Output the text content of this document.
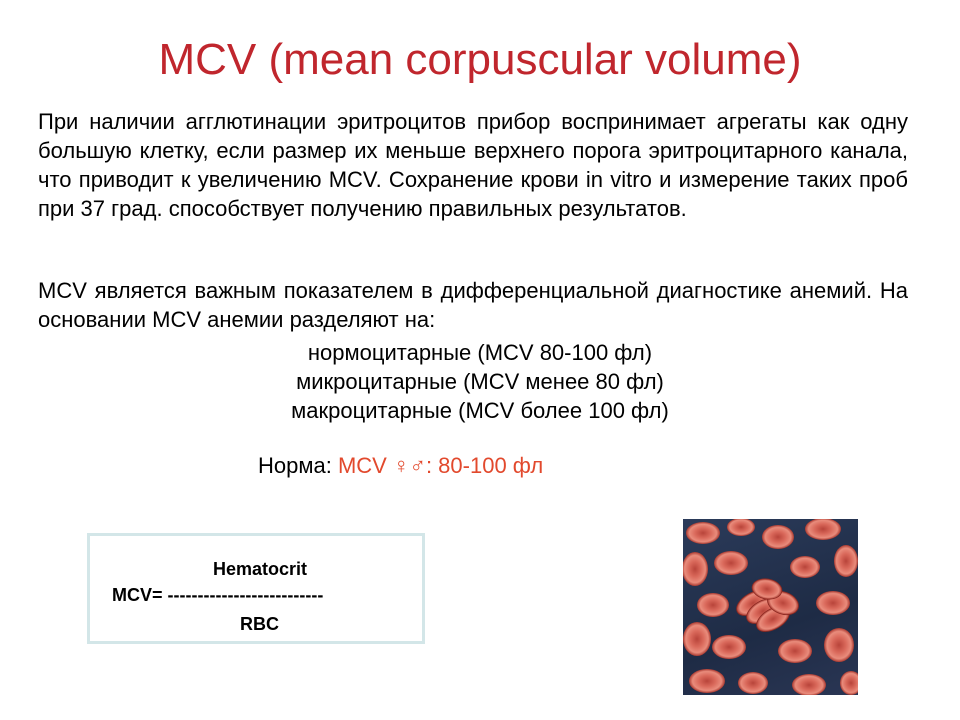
MCV (mean corpuscular volume)
При наличии агглютинации эритроцитов прибор воспринимает агрегаты как одну большую клетку, если размер их меньше верхнего порога эритроцитарного канала, что приводит к увеличению MCV. Сохранение крови in vitro и измерение таких проб при 37 град. способствует получению правильных результатов.
MCV является важным показателем в дифференциальной диагностике анемий. На основании MCV анемии разделяют на:
нормоцитарные (MCV 80-100 фл)
микроцитарные (MCV менее 80 фл)
макроцитарные (MCV более 100 фл)
Норма: MCV ♀♂: 80-100 фл
Hematocrit
MCV= --------------------------
RBC
